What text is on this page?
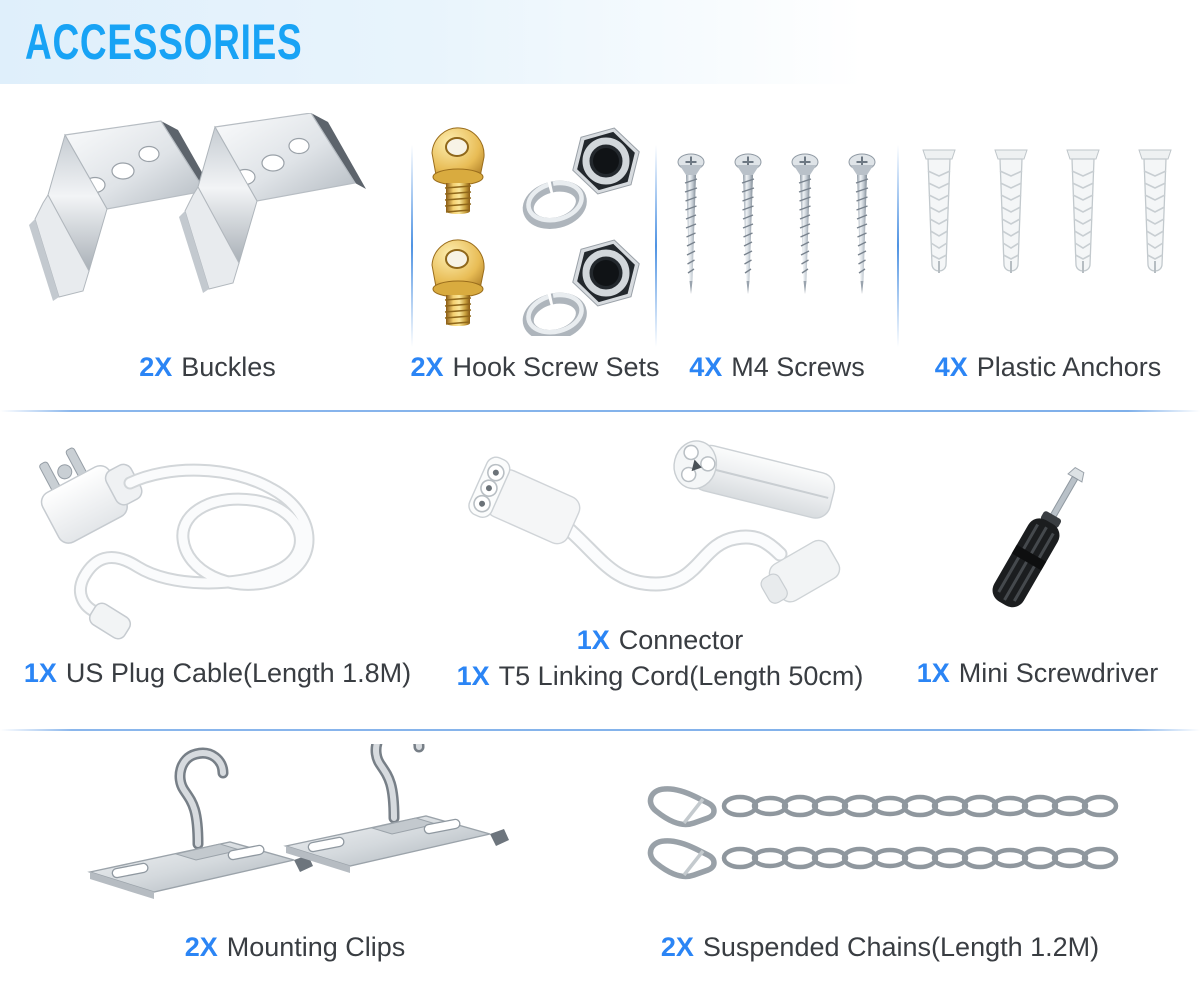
ACCESSORIES
2X Buckles	2X Hook Screw Sets 4X M4 Screws	4X Plastic Anchors
1X US Plug Cable(Length 1.8M)
1X Connector
1X T5 Linking Cord(Length 50cm) 1X Mini Screwdriver
2X Mounting Clips	2X Suspended Chains(Length 1.2M)
